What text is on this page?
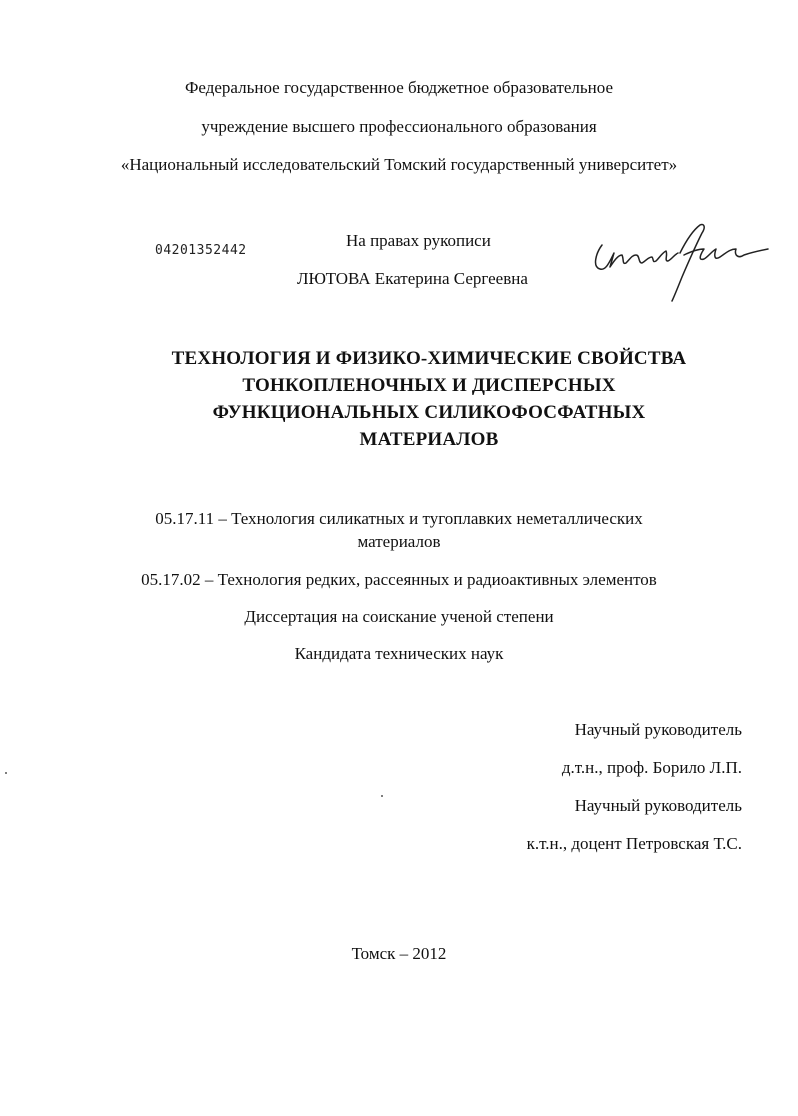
Федеральное государственное бюджетное образовательное
учреждение высшего профессионального образования
«Национальный исследовательский Томский государственный университет»
04201352442
На правах рукописи
ЛЮТОВА Екатерина Сергеевна
ТЕХНОЛОГИЯ И ФИЗИКО-ХИМИЧЕСКИЕ СВОЙСТВА
ТОНКОПЛЕНОЧНЫХ И ДИСПЕРСНЫХ
ФУНКЦИОНАЛЬНЫХ СИЛИКОФОСФАТНЫХ
МАТЕРИАЛОВ
05.17.11 – Технология силикатных и тугоплавких неметаллических
материалов
05.17.02 – Технология редких, рассеянных и радиоактивных элементов
Диссертация на соискание ученой степени
Кандидата технических наук
Научный руководитель
д.т.н., проф. Борило Л.П.
Научный руководитель
к.т.н., доцент Петровская Т.С.
Томск – 2012
